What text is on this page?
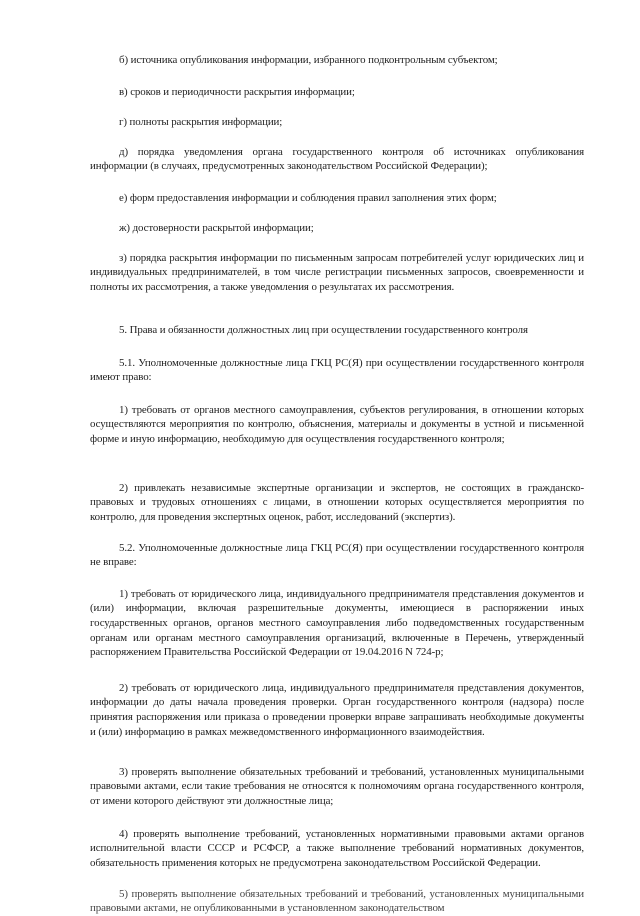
б) источника опубликования информации, избранного подконтрольным субъектом;

в) сроков и периодичности раскрытия информации;

г) полноты раскрытия информации;

д) порядка уведомления органа государственного контроля об источниках опубликования информации (в случаях, предусмотренных законодательством Российской Федерации);

е) форм предоставления информации и соблюдения правил заполнения этих форм;

ж) достоверности раскрытой информации;

з) порядка раскрытия информации по письменным запросам потребителей услуг юридических лиц и индивидуальных предпринимателей, в том числе регистрации письменных запросов, своевременности и полноты их рассмотрения, а также уведомления о результатах их рассмотрения.

5. Права и обязанности должностных лиц при осуществлении государственного контроля

5.1. Уполномоченные должностные лица ГКЦ РС(Я) при осуществлении государственного контроля имеют право:

1) требовать от органов местного самоуправления, субъектов регулирования, в отношении которых осуществляются мероприятия по контролю, объяснения, материалы и документы в устной и письменной форме и иную информацию, необходимую для осуществления государственного контроля;

2) привлекать независимые экспертные организации и экспертов, не состоящих в гражданско-правовых и трудовых отношениях с лицами, в отношении которых осуществляется мероприятия по контролю, для проведения экспертных оценок, работ, исследований (экспертиз).

5.2. Уполномоченные должностные лица ГКЦ РС(Я) при осуществлении государственного контроля не вправе:

1) требовать от юридического лица, индивидуального предпринимателя представления документов и (или) информации, включая разрешительные документы, имеющиеся в распоряжении иных государственных органов, органов местного самоуправления либо подведомственных государственным органам или органам местного самоуправления организаций, включенные в Перечень, утвержденный распоряжением Правительства Российской Федерации от 19.04.2016 N 724-р;

2) требовать от юридического лица, индивидуального предпринимателя представления документов, информации до даты начала проведения проверки. Орган государственного контроля (надзора) после принятия распоряжения или приказа о проведении проверки вправе запрашивать необходимые документы и (или) информацию в рамках межведомственного информационного взаимодействия.

3) проверять выполнение обязательных требований и требований, установленных муниципальными правовыми актами, если такие требования не относятся к полномочиям органа государственного контроля, от имени которого действуют эти должностные лица;

4) проверять выполнение требований, установленных нормативными правовыми актами органов исполнительной власти СССР и РСФСР, а также выполнение требований нормативных документов, обязательность применения которых не предусмотрена законодательством Российской Федерации.

5) проверять выполнение обязательных требований и требований, установленных муниципальными правовыми актами, не опубликованными в установленном законодательством
